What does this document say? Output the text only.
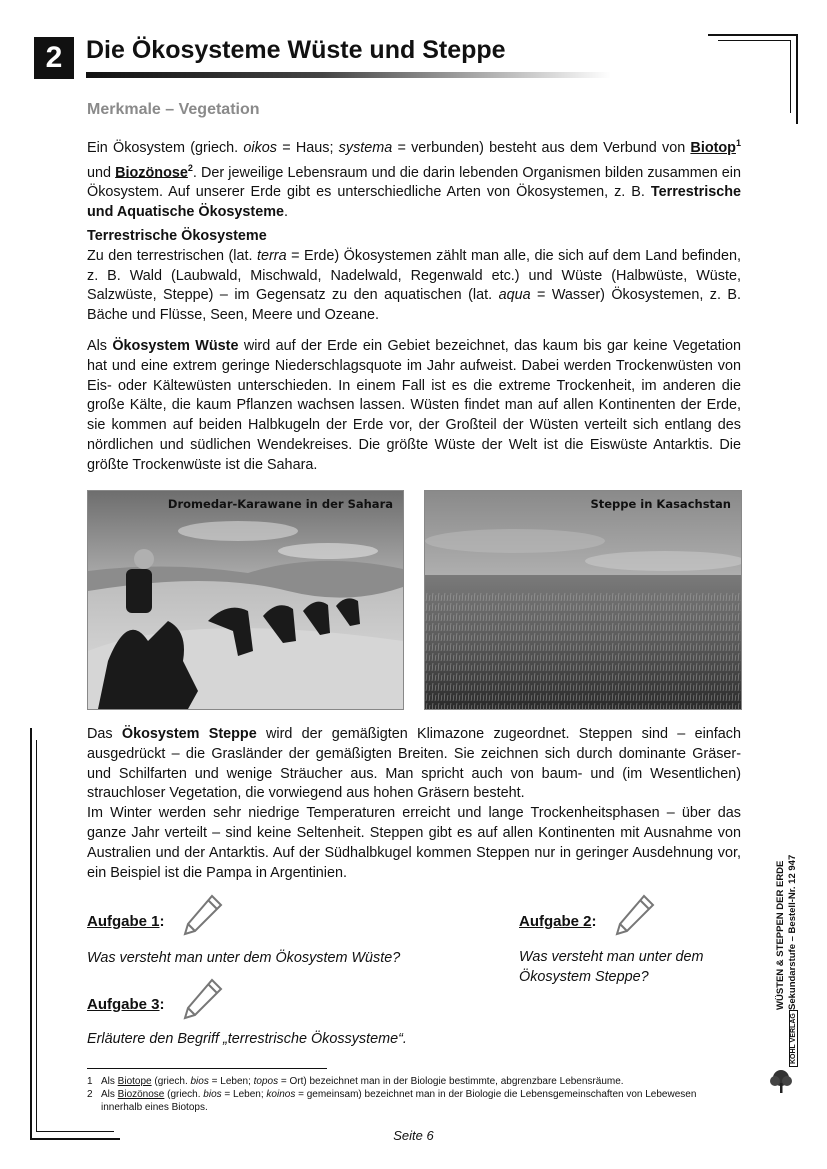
2 Die Ökosysteme Wüste und Steppe
Merkmale – Vegetation

Ein Ökosystem (griech. oikos = Haus; systema = verbunden) besteht aus dem Verbund von Biotop$^1$ und Biozönose$^2$. Der jeweilige Lebensraum und die darin lebenden Organismen bilden zusammen ein Ökosystem. Auf unserer Erde gibt es unterschiedliche Arten von Ökosystemen, z. B. Terrestrische und Aquatische Ökosysteme.

Terrestrische Ökosysteme
Zu den terrestrischen (lat. terra = Erde) Ökosystemen zählt man alle, die sich auf dem Land befinden, z. B. Wald (Laubwald, Mischwald, Nadelwald, Regenwald etc.) und Wüste (Halbwüste, Wüste, Salzwüste, Steppe) – im Gegensatz zu den aquatischen (lat. aqua = Wasser) Ökosystemen, z. B. Bäche und Flüsse, Seen, Meere und Ozeane.

Als Ökosystem Wüste wird auf der Erde ein Gebiet bezeichnet, das kaum bis gar keine Vegetation hat und eine extrem geringe Niederschlagsquote im Jahr aufweist. Dabei werden Trockenwüsten von Eis- oder Kältewüsten unterschieden. In einem Fall ist es die extreme Trockenheit, im anderen die große Kälte, die kaum Pflanzen wachsen lassen. Wüsten findet man auf allen Kontinenten der Erde, sie kommen auf beiden Halbkugeln der Erde vor, der Großteil der Wüsten verteilt sich entlang des nördlichen und südlichen Wendekreises. Die größte Wüste der Welt ist die Eiswüste Antarktis. Die größte Trockenwüste ist die Sahara.

Dromedar-Karawane in der Sahara	Steppe in Kasachstan

Das Ökosystem Steppe wird der gemäßigten Klimazone zugeordnet. Steppen sind – einfach ausgedrückt – die Grasländer der gemäßigten Breiten. Sie zeichnen sich durch dominante Gräser- und Schilfarten und wenige Sträucher aus. Man spricht auch von baum- und (im Wesentlichen) strauchloser Vegetation, die vorwiegend aus hohen Gräsern besteht.
Im Winter werden sehr niedrige Temperaturen erreicht und lange Trockenheitsphasen – über das ganze Jahr verteilt – sind keine Seltenheit. Steppen gibt es auf allen Kontinenten mit Ausnahme von Australien und der Antarktis. Auf der Südhalbkugel kommen Steppen nur in geringer Ausdehnung vor, ein Beispiel ist die Pampa in Argentinien.

Aufgabe 1:
Was versteht man unter dem Ökosystem Wüste?
Aufgabe 2:
Was versteht man unter dem Ökosystem Steppe?
Aufgabe 3:
Erläutere den Begriff „terrestrische Ökossysteme“.
1 Als Biotope (griech. bios = Leben; topos = Ort) bezeichnet man in der Biologie bestimmte, abgrenzbare Lebensräume.
2 Als Biozönose (griech. bios = Leben; koinos = gemeinsam) bezeichnet man in der Biologie die Lebensgemeinschaften von Lebewesen innerhalb eines Biotops.
Seite 6
WÜSTEN & STEPPEN DER ERDE Sekundarstufe – Bestell-Nr. 12 947
KOHL VERLAG
